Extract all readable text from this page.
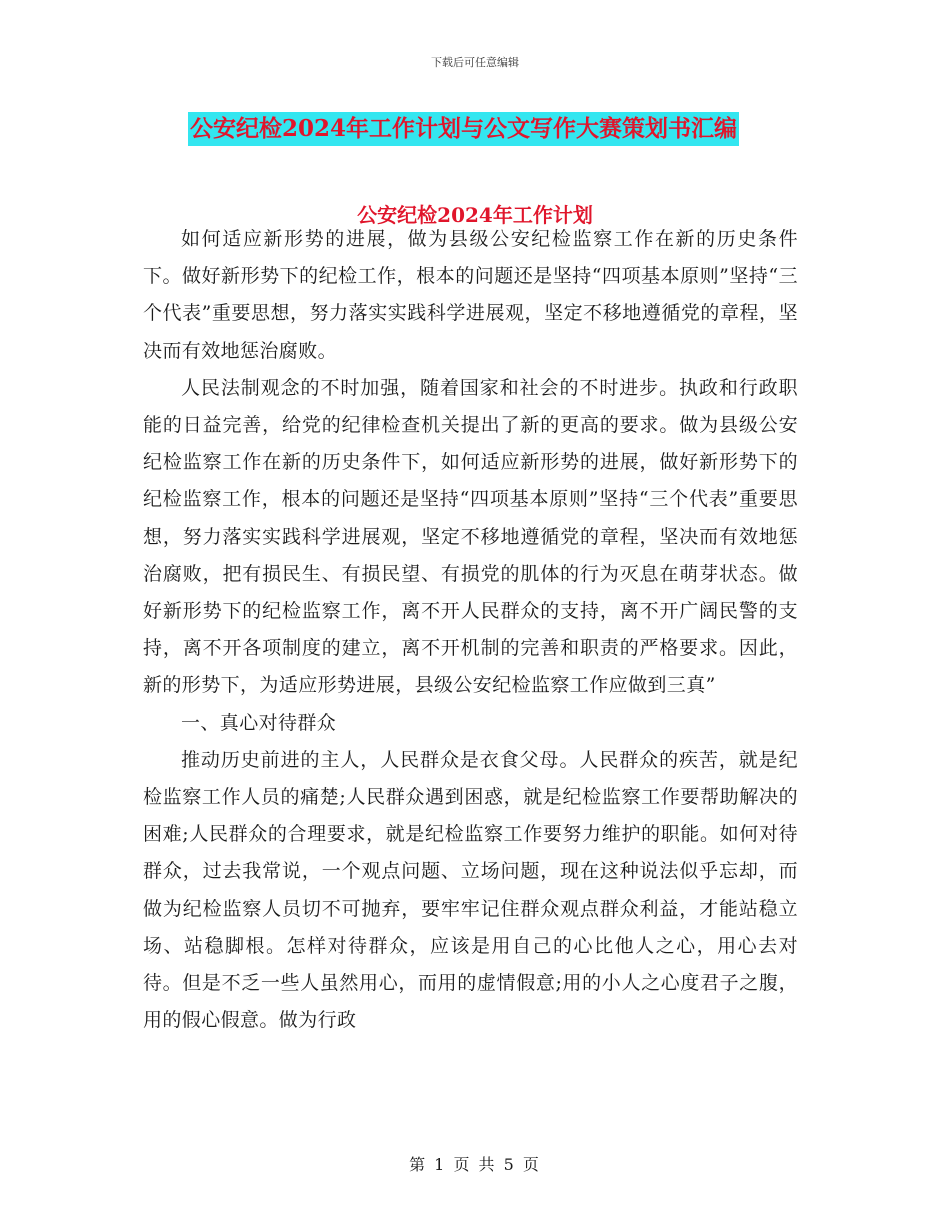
下载后可任意编辑
公安纪检2024年工作计划与公文写作大赛策划书汇编
公安纪检2024年工作计划

如何适应新形势的进展，做为县级公安纪检监察工作在新的历史条件下。做好新形势下的纪检工作，根本的问题还是坚持“四项基本原则”坚持“三个代表”重要思想，努力落实实践科学进展观，坚定不移地遵循党的章程，坚决而有效地惩治腐败。

人民法制观念的不时加强，随着国家和社会的不时进步。执政和行政职能的日益完善，给党的纪律检查机关提出了新的更高的要求。做为县级公安纪检监察工作在新的历史条件下，如何适应新形势的进展，做好新形势下的纪检监察工作，根本的问题还是坚持“四项基本原则”坚持“三个代表”重要思想，努力落实实践科学进展观，坚定不移地遵循党的章程，坚决而有效地惩治腐败，把有损民生、有损民望、有损党的肌体的行为灭息在萌芽状态。做好新形势下的纪检监察工作，离不开人民群众的支持，离不开广阔民警的支持，离不开各项制度的建立，离不开机制的完善和职责的严格要求。因此，新的形势下，为适应形势进展，县级公安纪检监察工作应做到三真”

一、真心对待群众

推动历史前进的主人，人民群众是衣食父母。人民群众的疾苦，就是纪检监察工作人员的痛楚;人民群众遇到困惑，就是纪检监察工作要帮助解决的困难;人民群众的合理要求，就是纪检监察工作要努力维护的职能。如何对待群众，过去我常说，一个观点问题、立场问题，现在这种说法似乎忘却，而做为纪检监察人员切不可抛弃，要牢牢记住群众观点群众利益，才能站稳立场、站稳脚根。怎样对待群众，应该是用自己的心比他人之心，用心去对待。但是不乏一些人虽然用心，而用的虚情假意;用的小人之心度君子之腹，用的假心假意。做为行政

第 1 页 共 5 页
